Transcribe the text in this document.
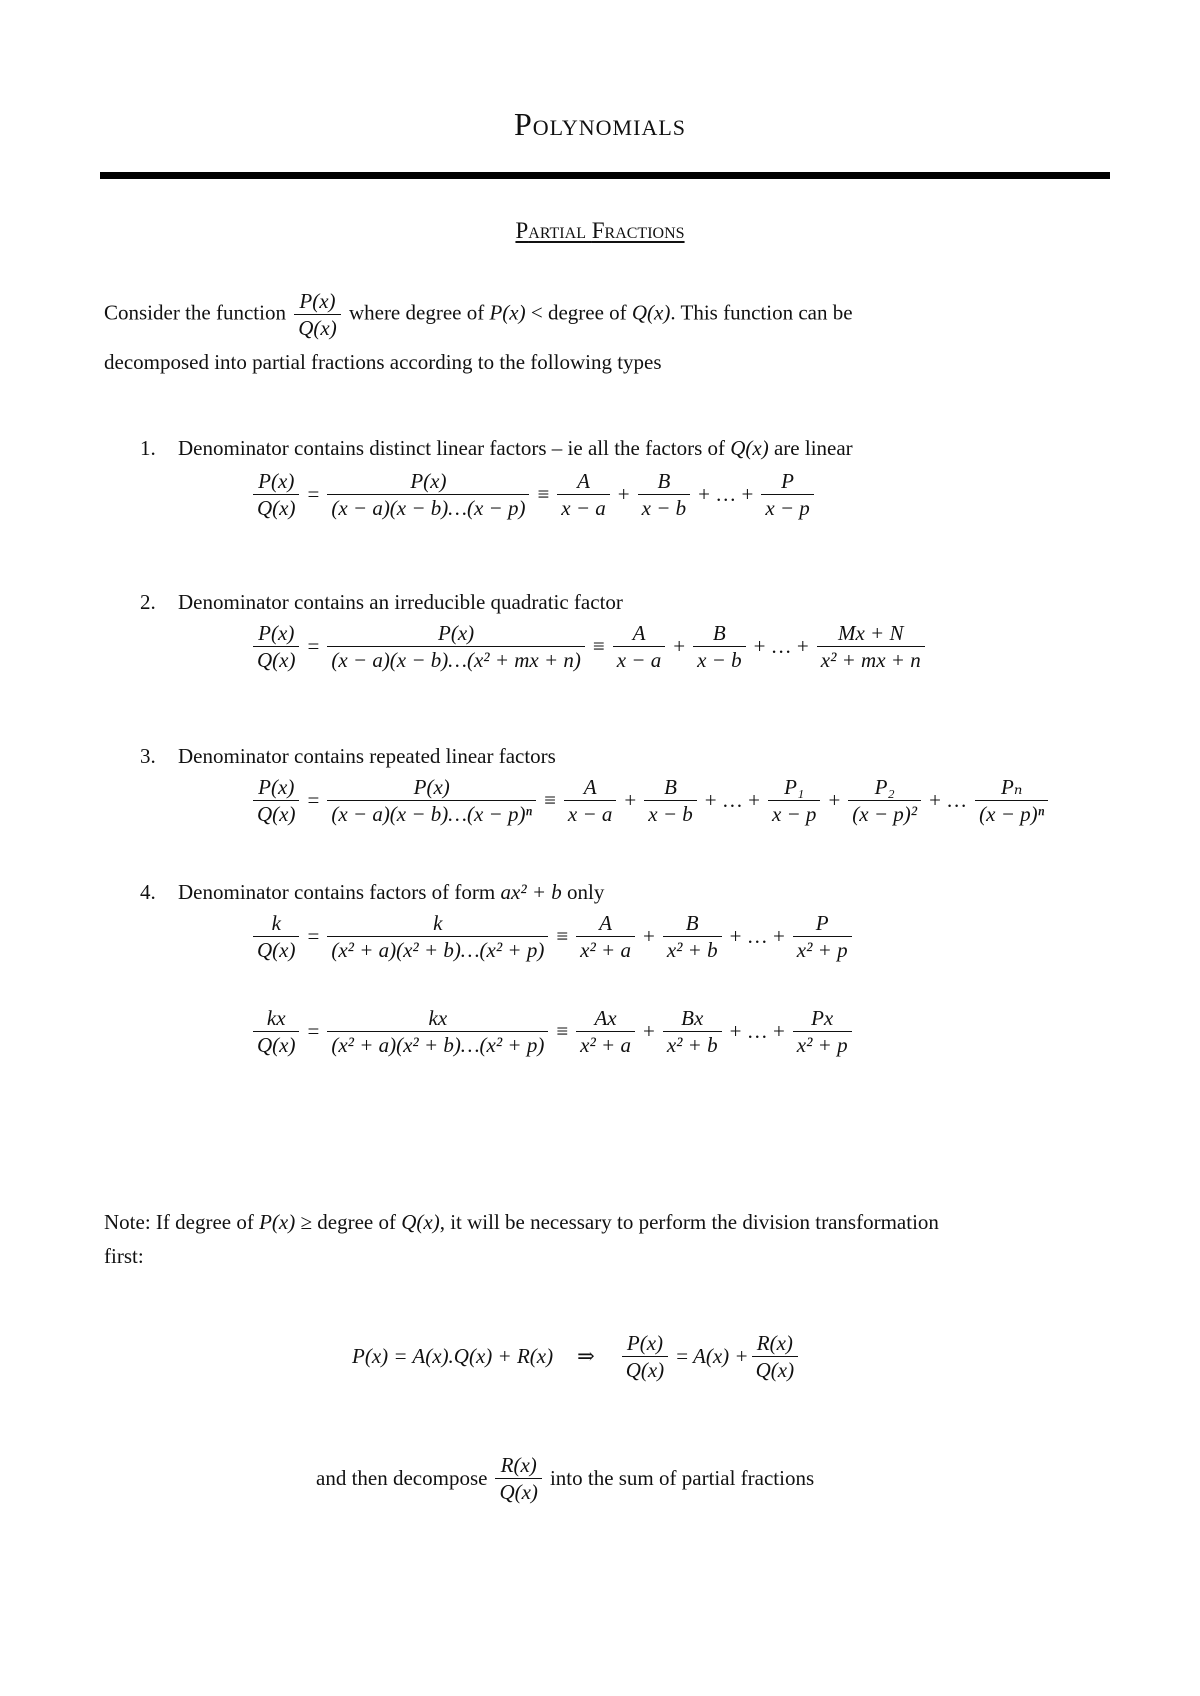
Polynomials
Partial Fractions
Consider the function $\frac{P(x)}{Q(x)}$ where degree of P(x) < degree of Q(x). This function can be
decomposed into partial fractions according to the following types
1. Denominator contains distinct linear factors – ie all the factors of Q(x) are linear
$\frac{P(x)}{Q(x)} = \frac{P(x)}{(x - a)(x - b)\dots(x - p)} \equiv \frac{A}{x - a} + \frac{B}{x - b}$ + … + $\frac{P}{x - p}$
2. Denominator contains an irreducible quadratic factor
$\frac{P(x)}{Q(x)} = \frac{P(x)}{\text{(x − a)(x − b)…(x² + mx + n)}} \equiv \frac{A}{x - a} + \frac{B}{x - b}$ + … + $\frac{Mx + N}{\text{x² + mx + n}}$
3. Denominator contains repeated linear factors
$\frac{P(x)}{Q(x)} = \frac{P(x)}{\text{(x − a)(x − b)…(x − p)ⁿ}} \equiv \frac{A}{x - a} + \frac{B}{x - b}$ + … + $\frac{\text{P₁}}{x - p} + \frac{\text{P₂}}{\text{(x − p)²}}$ + … $\frac{\text{Pₙ}}{\text{(x − p)ⁿ}}$
4. Denominator contains factors of form ax² + b only
$\frac{k}{Q(x)} = \frac{k}{\text{(x² + a)(x² + b)…(x² + p)}} \equiv \frac{A}{\text{x² + a}} + \frac{B}{\text{x² + b}}$ + … + $\frac{P}{\text{x² + p}}$
$\frac{kx}{Q(x)} = \frac{kx}{\text{(x² + a)(x² + b)…(x² + p)}} \equiv \frac{Ax}{\text{x² + a}} + \frac{Bx}{\text{x² + b}}$ + … + $\frac{Px}{\text{x² + p}}$
Note: If degree of P(x) ≥ degree of Q(x), it will be necessary to perform the division transformation
first:
P(x) = A(x).Q(x) + R(x) ⇒ $\frac{P(x)}{Q(x)} = A(x) + \frac{R(x)}{Q(x)}$
and then decompose $\frac{R(x)}{Q(x)}$ into the sum of partial fractions
